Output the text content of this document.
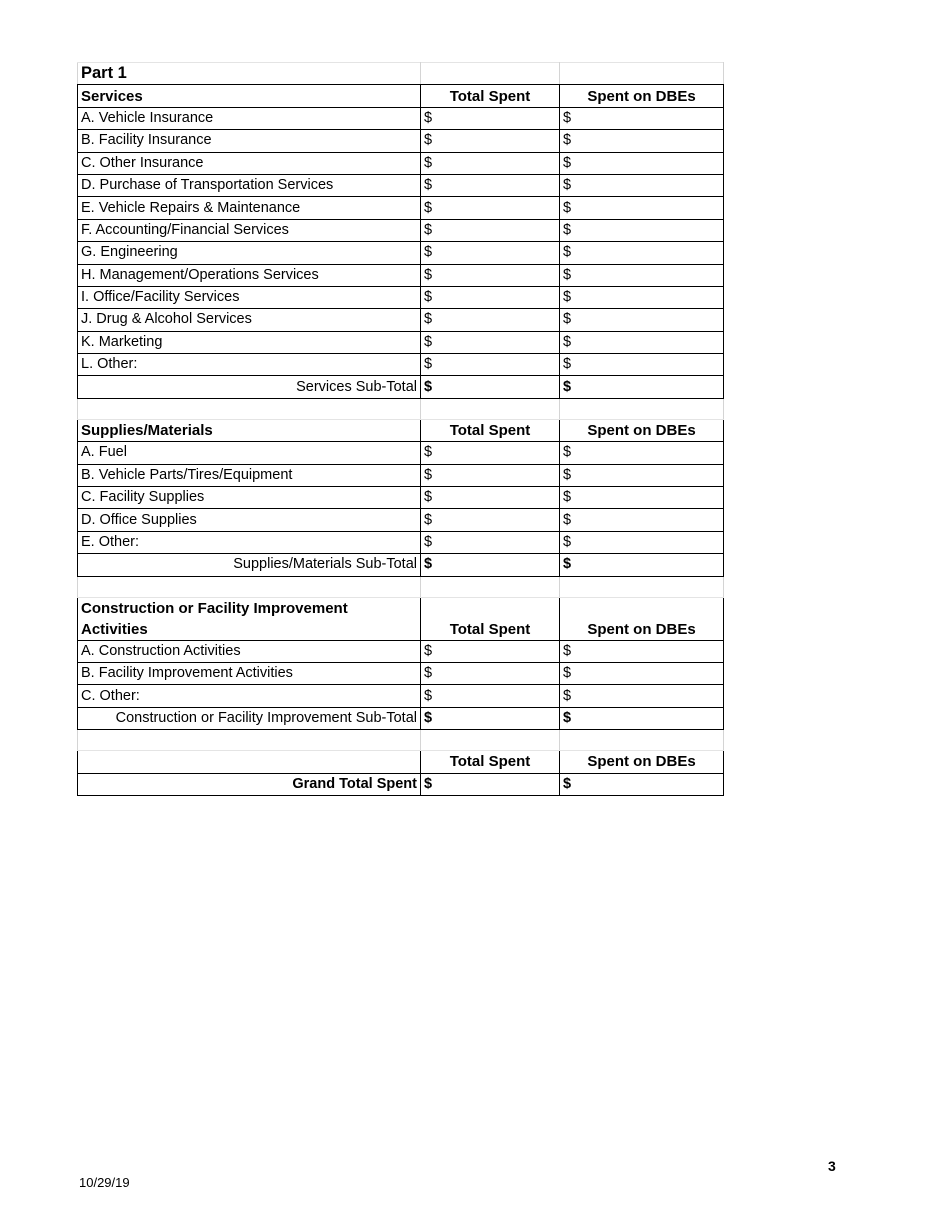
Part 1			
Services	Total Spent	Spent on DBEs	
A. Vehicle Insurance	$	$	
B. Facility Insurance	$	$	
C. Other Insurance	$	$	
D. Purchase of Transportation Services	$	$	
E. Vehicle Repairs & Maintenance	$	$	
F. Accounting/Financial Services	$	$	
G. Engineering	$	$	
H. Management/Operations Services	$	$	
I. Office/Facility Services	$	$	
J. Drug & Alcohol Services	$	$	
K. Marketing	$	$	
L. Other:	$	$	
Services Sub-Total	$	$	

Supplies/Materials	Total Spent	Spent on DBEs	
A. Fuel	$	$	
B. Vehicle Parts/Tires/Equipment	$	$	
C. Facility Supplies	$	$	
D. Office Supplies	$	$	
E. Other:	$	$	
Supplies/Materials Sub-Total	$	$	

Construction or Facility Improvement
Activities	Total Spent	Spent on DBEs	
A. Construction Activities	$	$	
B. Facility Improvement Activities	$	$	
C. Other:	$	$	
Construction or Facility Improvement Sub-Total	$	$	

	Total Spent	Spent on DBEs	
Grand Total Spent	$	$	
3
10/29/19
